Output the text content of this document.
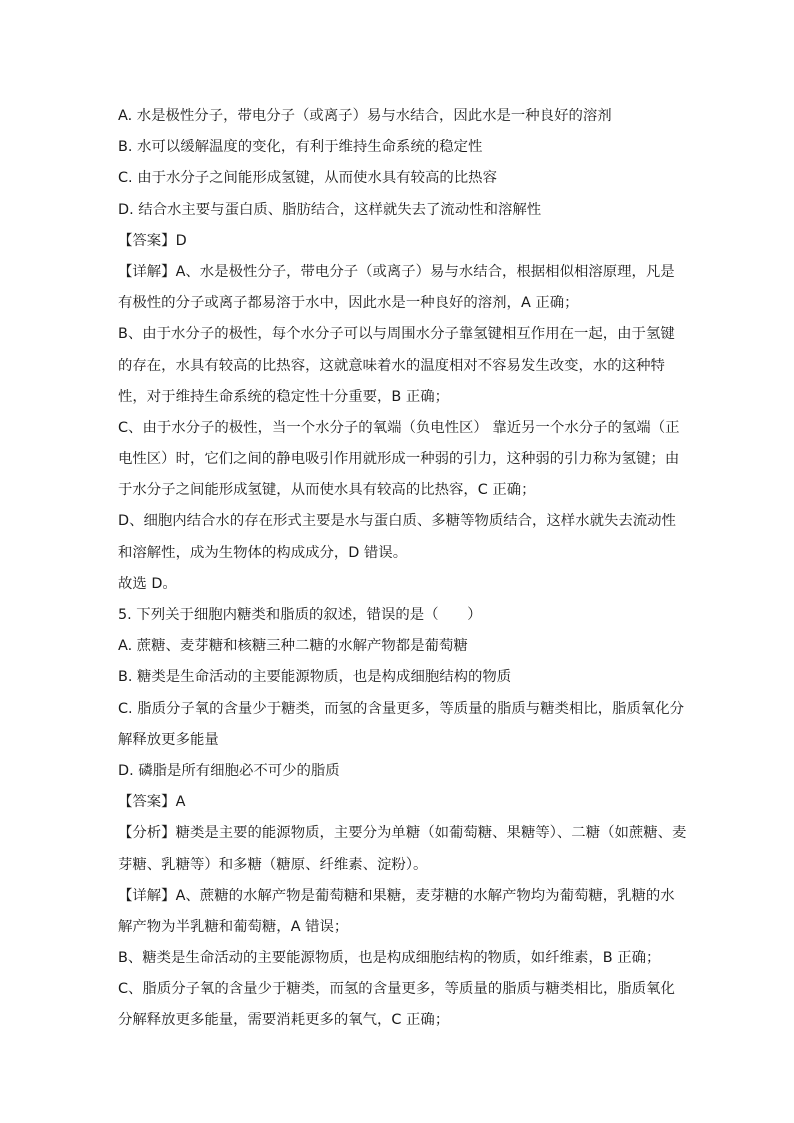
A. 水是极性分子，带电分子（或离子）易与水结合，因此水是一种良好的溶剂
B. 水可以缓解温度的变化，有利于维持生命系统的稳定性
C. 由于水分子之间能形成氢键，从而使水具有较高的比热容
D. 结合水主要与蛋白质、脂肪结合，这样就失去了流动性和溶解性
【答案】D
【详解】A、水是极性分子，带电分子（或离子）易与水结合，根据相似相溶原理，凡是
有极性的分子或离子都易溶于水中，因此水是一种良好的溶剂，A 正确；
B、由于水分子的极性，每个水分子可以与周围水分子靠氢键相互作用在一起，由于氢键
的存在，水具有较高的比热容，这就意味着水的温度相对不容易发生改变，水的这种特
性，对于维持生命系统的稳定性十分重要，B 正确；
C、由于水分子的极性，当一个水分子的氧端（负电性区） 靠近另一个水分子的氢端（正
电性区）时，它们之间的静电吸引作用就形成一种弱的引力，这种弱的引力称为氢键；由
于水分子之间能形成氢键，从而使水具有较高的比热容，C 正确；
D、细胞内结合水的存在形式主要是水与蛋白质、多糖等物质结合，这样水就失去流动性
和溶解性，成为生物体的构成成分，D 错误。
故选 D。
5. 下列关于细胞内糖类和脂质的叙述，错误的是（　　）
A. 蔗糖、麦芽糖和核糖三种二糖的水解产物都是葡萄糖
B. 糖类是生命活动的主要能源物质，也是构成细胞结构的物质
C. 脂质分子氧的含量少于糖类，而氢的含量更多，等质量的脂质与糖类相比，脂质氧化分
解释放更多能量
D. 磷脂是所有细胞必不可少的脂质
【答案】A
【分析】糖类是主要的能源物质，主要分为单糖（如葡萄糖、果糖等）、二糖（如蔗糖、麦
芽糖、乳糖等）和多糖（糖原、纤维素、淀粉）。
【详解】A、蔗糖的水解产物是葡萄糖和果糖，麦芽糖的水解产物均为葡萄糖，乳糖的水
解产物为半乳糖和葡萄糖，A 错误；
B、糖类是生命活动的主要能源物质，也是构成细胞结构的物质，如纤维素，B 正确；
C、脂质分子氧的含量少于糖类，而氢的含量更多，等质量的脂质与糖类相比，脂质氧化
分解释放更多能量，需要消耗更多的氧气，C 正确；
